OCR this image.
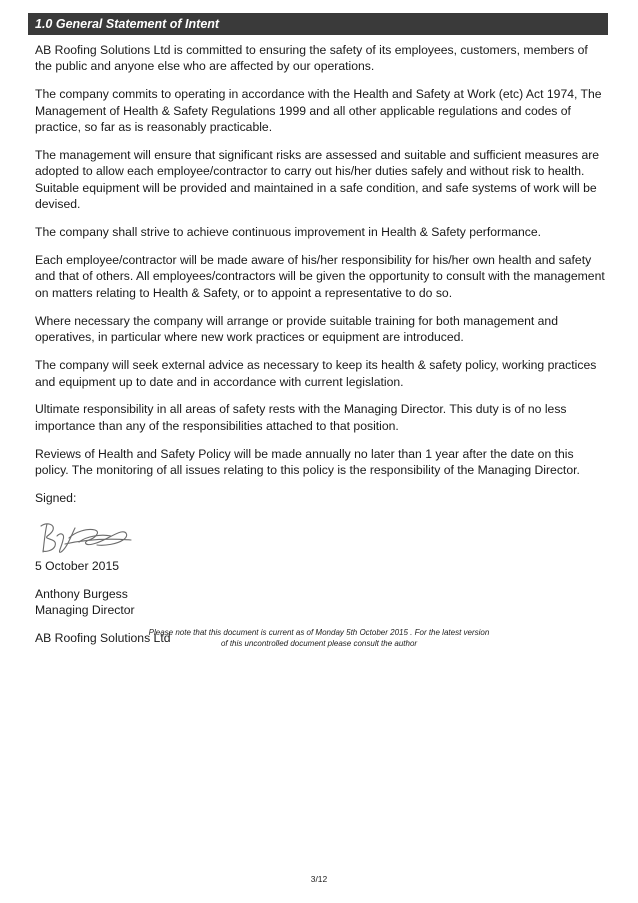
1.0 General Statement of Intent

AB Roofing Solutions Ltd is committed to ensuring the safety of its employees, customers, members of the public and anyone else who are affected by our operations.

The company commits to operating in accordance with the Health and Safety at Work (etc) Act 1974, The Management of Health & Safety Regulations 1999 and all other applicable regulations and codes of practice, so far as is reasonably practicable.

The management will ensure that significant risks are assessed and suitable and sufficient measures are adopted to allow each employee/contractor to carry out his/her duties safely and without risk to health. Suitable equipment will be provided and maintained in a safe condition, and safe systems of work will be devised.

The company shall strive to achieve continuous improvement in Health & Safety performance.

Each employee/contractor will be made aware of his/her responsibility for his/her own health and safety and that of others. All employees/contractors will be given the opportunity to consult with the management on matters relating to Health & Safety, or to appoint a representative to do so.

Where necessary the company will arrange or provide suitable training for both management and operatives, in particular where new work practices or equipment are introduced.

The company will seek external advice as necessary to keep its health & safety policy, working practices and equipment up to date and in accordance with current legislation.

Ultimate responsibility in all areas of safety rests with the Managing Director. This duty is of no less importance than any of the responsibilities attached to that position.

Reviews of Health and Safety Policy will be made annually no later than 1 year after the date on this policy. The monitoring of all issues relating to this policy is the responsibility of the Managing Director.

Signed:

5 October 2015

Anthony Burgess
Managing Director

AB Roofing Solutions Ltd

Please note that this document is current as of Monday 5th October 2015 . For the latest version
of this uncontrolled document please consult the author
3/12
